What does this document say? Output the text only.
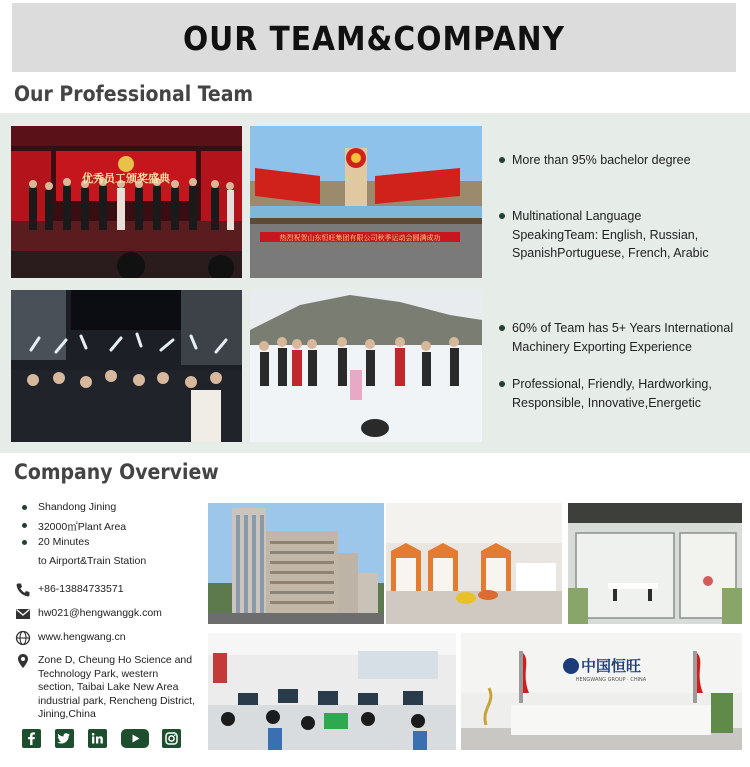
OUR TEAM&COMPANY
Our Professional Team
优秀员工颁奖盛典
热烈祝贺山东恒旺集团有限公司秋季运动会圆满成功
More than 95% bachelor degree
Multinational Language
SpeakingTeam: English, Russian,
SpanishPortuguese, French, Arabic
60% of Team has 5+ Years International
Machinery Exporting Experience
Professional, Friendly, Hardworking,
Responsible, Innovative,Energetic
Company Overview
Shandong Jining
32000㎡Plant Area
20 Minutes
to Airport&Train Station
+86-13884733571
hw021@hengwanggk.com
www.hengwang.cn
Zone D, Cheung Ho Science and
Technology Park, western
section, Taibai Lake New Area
industrial park, Rencheng District,
Jining,China
中国恒旺
HENGWANG GROUP · CHINA
